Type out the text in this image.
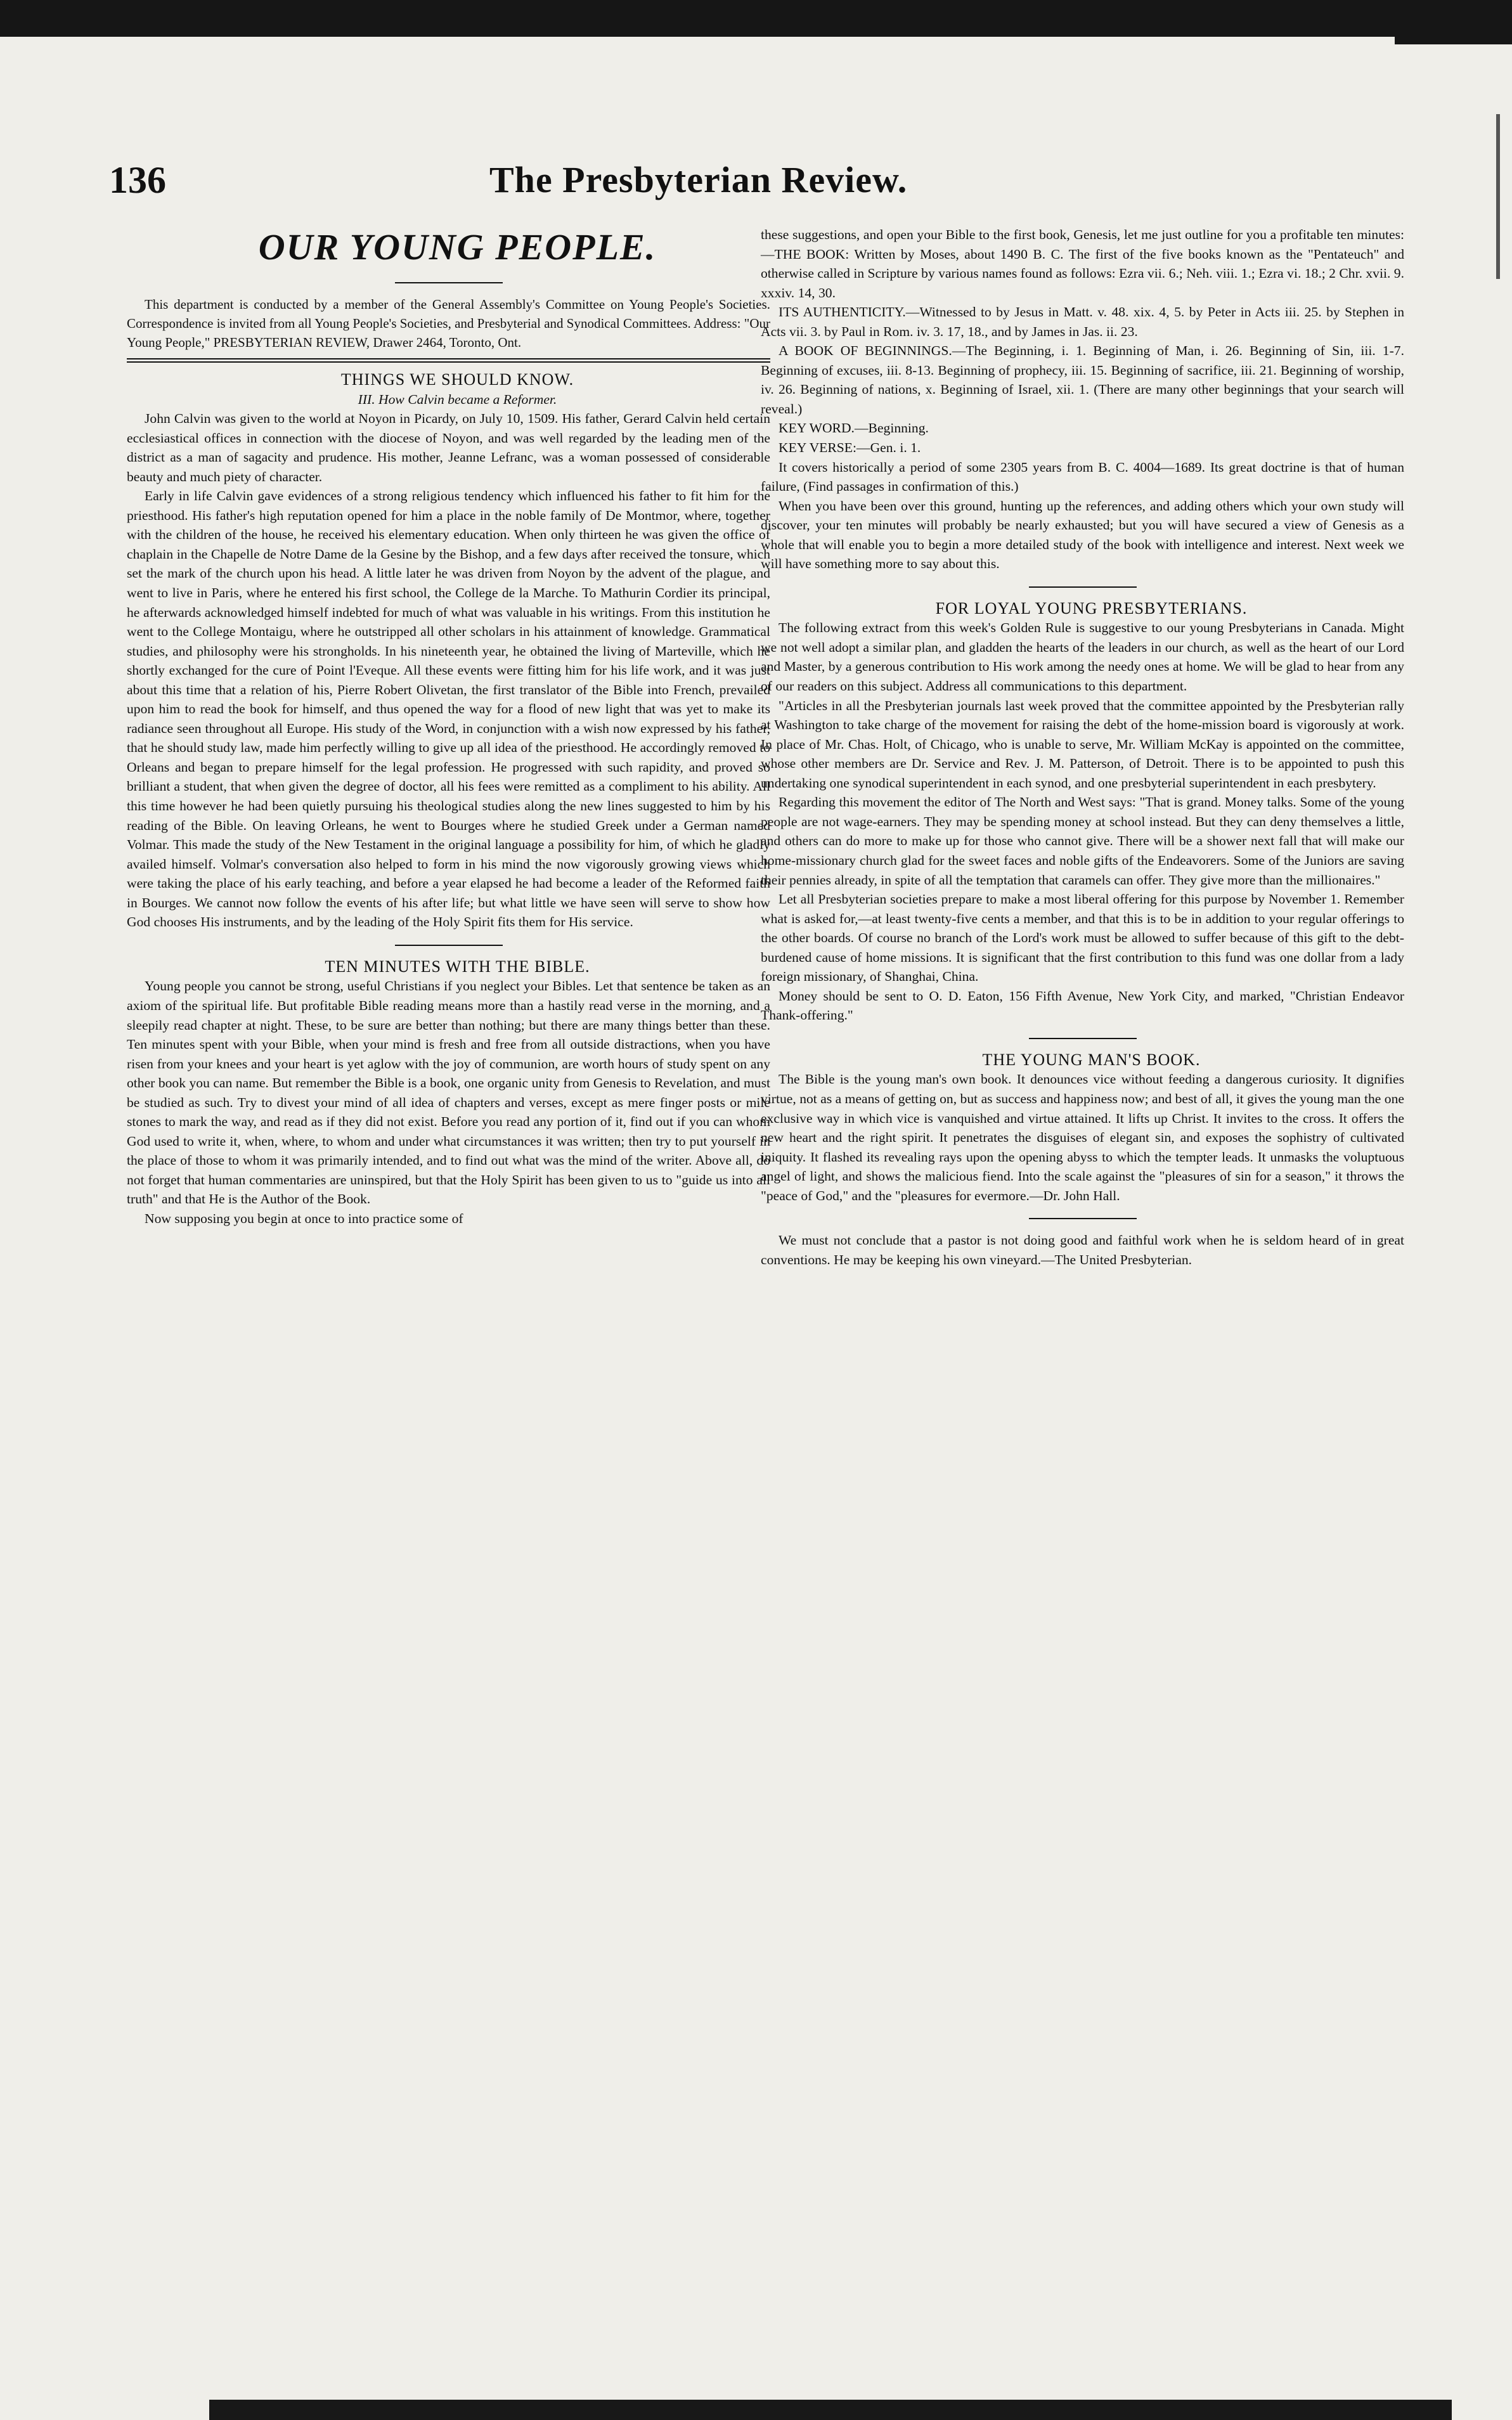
136	The Presbyterian Review.

OUR YOUNG PEOPLE.

This department is conducted by a member of the General Assembly's Committee on Young People's Societies. Correspondence is invited from all Young People's Societies, and Presbyterial and Synodical Committees. Address: "Our Young People," PRESBYTERIAN REVIEW, Drawer 2464, Toronto, Ont.

THINGS WE SHOULD KNOW.

III. How Calvin became a Reformer.

John Calvin was given to the world at Noyon in Picardy, on July 10, 1509. His father, Gerard Calvin held certain ecclesiastical offices in connection with the diocese of Noyon, and was well regarded by the leading men of the district as a man of sagacity and prudence. His mother, Jeanne Lefranc, was a woman possessed of considerable beauty and much piety of character.

Early in life Calvin gave evidences of a strong religious tendency which influenced his father to fit him for the priesthood. His father's high reputation opened for him a place in the noble family of De Montmor, where, together with the children of the house, he received his elementary education. When only thirteen he was given the office of chaplain in the Chapelle de Notre Dame de la Gesine by the Bishop, and a few days after received the tonsure, which set the mark of the church upon his head. A little later he was driven from Noyon by the advent of the plague, and went to live in Paris, where he entered his first school, the College de la Marche. To Mathurin Cordier its principal, he afterwards acknowledged himself indebted for much of what was valuable in his writings. From this institution he went to the College Montaigu, where he outstripped all other scholars in his attainment of knowledge. Grammatical studies, and philosophy were his strongholds. In his nineteenth year, he obtained the living of Marteville, which he shortly exchanged for the cure of Point l'Eveque. All these events were fitting him for his life work, and it was just about this time that a relation of his, Pierre Robert Olivetan, the first translator of the Bible into French, prevailed upon him to read the book for himself, and thus opened the way for a flood of new light that was yet to make its radiance seen throughout all Europe. His study of the Word, in conjunction with a wish now expressed by his father, that he should study law, made him perfectly willing to give up all idea of the priesthood. He accordingly removed to Orleans and began to prepare himself for the legal profession. He progressed with such rapidity, and proved so brilliant a student, that when given the degree of doctor, all his fees were remitted as a compliment to his ability. All this time however he had been quietly pursuing his theological studies along the new lines suggested to him by his reading of the Bible. On leaving Orleans, he went to Bourges where he studied Greek under a German named Volmar. This made the study of the New Testament in the original language a possibility for him, of which he gladly availed himself. Volmar's conversation also helped to form in his mind the now vigorously growing views which were taking the place of his early teaching, and before a year elapsed he had become a leader of the Reformed faith in Bourges. We cannot now follow the events of his after life; but what little we have seen will serve to show how God chooses His instruments, and by the leading of the Holy Spirit fits them for His service.

TEN MINUTES WITH THE BIBLE.

Young people you cannot be strong, useful Christians if you neglect your Bibles. Let that sentence be taken as an axiom of the spiritual life. But profitable Bible reading means more than a hastily read verse in the morning, and a sleepily read chapter at night. These, to be sure are better than nothing; but there are many things better than these. Ten minutes spent with your Bible, when your mind is fresh and free from all outside distractions, when you have risen from your knees and your heart is yet aglow with the joy of communion, are worth hours of study spent on any other book you can name. But remember the Bible is a book, one organic unity from Genesis to Revelation, and must be studied as such. Try to divest your mind of all idea of chapters and verses, except as mere finger posts or mile stones to mark the way, and read as if they did not exist. Before you read any portion of it, find out if you can whom God used to write it, when, where, to whom and under what circumstances it was written; then try to put yourself in the place of those to whom it was primarily intended, and to find out what was the mind of the writer. Above all, do not forget that human commentaries are uninspired, but that the Holy Spirit has been given to us to "guide us into all truth" and that He is the Author of the Book.

Now supposing you begin at once to into practice some of

these suggestions, and open your Bible to the first book, Genesis, let me just outline for you a profitable ten minutes:—THE BOOK: Written by Moses, about 1490 B. C. The first of the five books known as the "Pentateuch" and otherwise called in Scripture by various names found as follows: Ezra vii. 6.; Neh. viii. 1.; Ezra vi. 18.; 2 Chr. xvii. 9. xxxiv. 14, 30.

ITS AUTHENTICITY.—Witnessed to by Jesus in Matt. v. 48. xix. 4, 5. by Peter in Acts iii. 25. by Stephen in Acts vii. 3. by Paul in Rom. iv. 3. 17, 18., and by James in Jas. ii. 23.

A BOOK OF BEGINNINGS.—The Beginning, i. 1. Beginning of Man, i. 26. Beginning of Sin, iii. 1-7. Beginning of excuses, iii. 8-13. Beginning of prophecy, iii. 15. Beginning of sacrifice, iii. 21. Beginning of worship, iv. 26. Beginning of nations, x. Beginning of Israel, xii. 1. (There are many other beginnings that your search will reveal.)

KEY WORD.—Beginning.

KEY VERSE:—Gen. i. 1.

It covers historically a period of some 2305 years from B. C. 4004—1689. Its great doctrine is that of human failure, (Find passages in confirmation of this.)

When you have been over this ground, hunting up the references, and adding others which your own study will discover, your ten minutes will probably be nearly exhausted; but you will have secured a view of Genesis as a whole that will enable you to begin a more detailed study of the book with intelligence and interest. Next week we will have something more to say about this.

FOR LOYAL YOUNG PRESBYTERIANS.

The following extract from this week's Golden Rule is suggestive to our young Presbyterians in Canada. Might we not well adopt a similar plan, and gladden the hearts of the leaders in our church, as well as the heart of our Lord and Master, by a generous contribution to His work among the needy ones at home. We will be glad to hear from any of our readers on this subject. Address all communications to this department.

"Articles in all the Presbyterian journals last week proved that the committee appointed by the Presbyterian rally at Washington to take charge of the movement for raising the debt of the home-mission board is vigorously at work. In place of Mr. Chas. Holt, of Chicago, who is unable to serve, Mr. William McKay is appointed on the committee, whose other members are Dr. Service and Rev. J. M. Patterson, of Detroit. There is to be appointed to push this undertaking one synodical superintendent in each synod, and one presbyterial superintendent in each presbytery.

Regarding this movement the editor of The North and West says: "That is grand. Money talks. Some of the young people are not wage-earners. They may be spending money at school instead. But they can deny themselves a little, and others can do more to make up for those who cannot give. There will be a shower next fall that will make our home-missionary church glad for the sweet faces and noble gifts of the Endeavorers. Some of the Juniors are saving their pennies already, in spite of all the temptation that caramels can offer. They give more than the millionaires."

Let all Presbyterian societies prepare to make a most liberal offering for this purpose by November 1. Remember what is asked for,—at least twenty-five cents a member, and that this is to be in addition to your regular offerings to the other boards. Of course no branch of the Lord's work must be allowed to suffer because of this gift to the debt-burdened cause of home missions. It is significant that the first contribution to this fund was one dollar from a lady foreign missionary, of Shanghai, China.

Money should be sent to O. D. Eaton, 156 Fifth Avenue, New York City, and marked, "Christian Endeavor Thank-offering."

THE YOUNG MAN'S BOOK.

The Bible is the young man's own book. It denounces vice without feeding a dangerous curiosity. It dignifies virtue, not as a means of getting on, but as success and happiness now; and best of all, it gives the young man the one exclusive way in which vice is vanquished and virtue attained. It lifts up Christ. It invites to the cross. It offers the new heart and the right spirit. It penetrates the disguises of elegant sin, and exposes the sophistry of cultivated iniquity. It flashed its revealing rays upon the opening abyss to which the tempter leads. It unmasks the voluptuous angel of light, and shows the malicious fiend. Into the scale against the "pleasures of sin for a season," it throws the "peace of God," and the "pleasures for evermore.—Dr. John Hall.

We must not conclude that a pastor is not doing good and faithful work when he is seldom heard of in great conventions. He may be keeping his own vineyard.—The United Presbyterian.
